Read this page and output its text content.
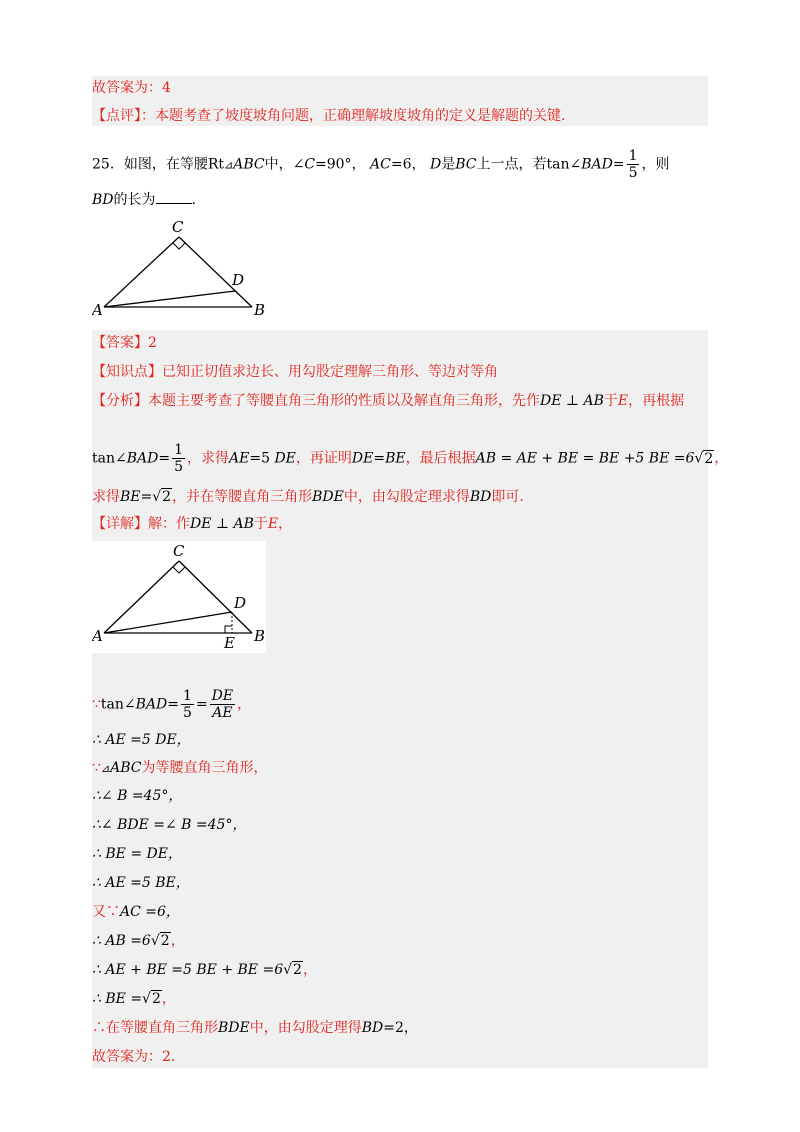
故答案为：4
【点评】：本题考查了坡度坡角问题，正确理解坡度坡角的定义是解题的关键.
25．如图，在等腰Rt⊿ABC中，∠C=90°， AC=6， D是BC上一点，若tan∠BAD= $\frac{1}{5}$ ，则
BD的长为	.
C
D
A	B
【答案】2
【知识点】已知正切值求边长、用勾股定理解三角形、等边对等角
【分析】本题主要考查了等腰直角三角形的性质以及解直角三角形，先作DE ⊥ AB于E，再根据
tan∠BAD= $\frac{1}{5}$ ，求得AE=5 DE，再证明DE=BE，最后根据AB = AE + BE = BE +5 BE =6√2，
求得BE=√2，并在等腰直角三角形BDE中，由勾股定理求得BD即可.
【详解】解：作DE ⊥ AB于E，
C
D
A	B
E
∵tan∠BAD= $\frac{1}{5} = \frac{DE}{AE}$ ，
∴ AE =5 DE，
∵⊿ABC为等腰直角三角形，
∴∠ B =45°，
∴∠ BDE =∠ B =45°，
∴ BE = DE，
∴ AE =5 BE，
又∵AC =6，
∴ AB =6√2，
∴ AE + BE =5 BE + BE =6√2，
∴ BE =√2，
∴在等腰直角三角形BDE中，由勾股定理得BD=2，
故答案为：2.
